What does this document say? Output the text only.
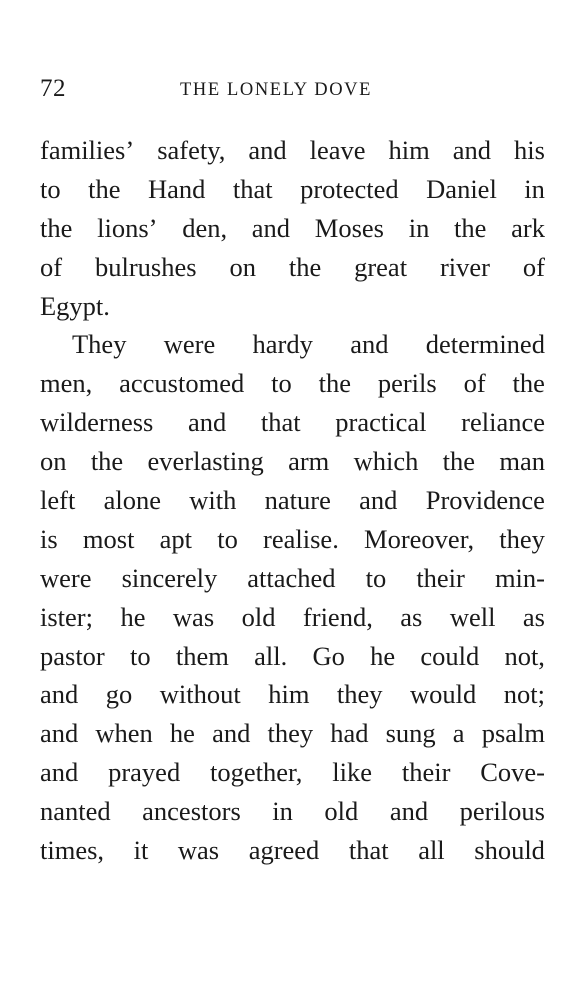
72	THE LONELY DOVE
families’ safety, and leave him and his
to the Hand that protected Daniel in
the lions’ den, and Moses in the ark
of bulrushes on the great river of
Egypt.
They were hardy and determined
men, accustomed to the perils of the
wilderness and that practical reliance
on the everlasting arm which the man
left alone with nature and Providence
is most apt to realise. Moreover, they
were sincerely attached to their min-
ister; he was old friend, as well as
pastor to them all. Go he could not,
and go without him they would not;
and when he and they had sung a psalm
and prayed together, like their Cove-
nanted ancestors in old and perilous
times, it was agreed that all should
